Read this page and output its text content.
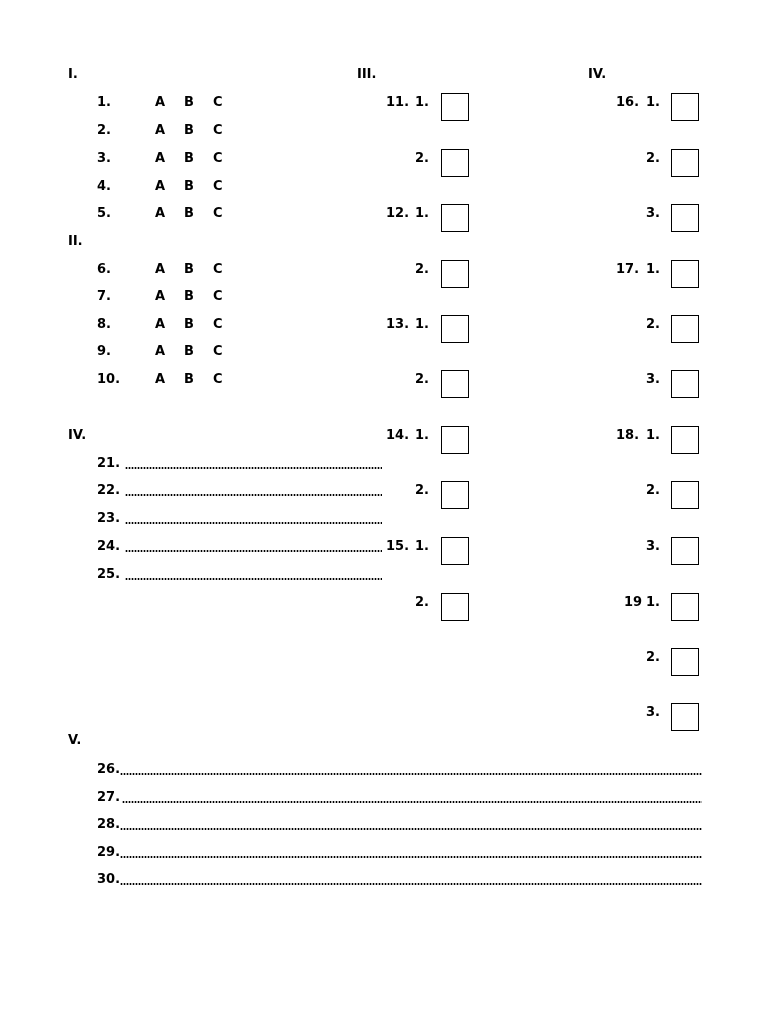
I.
II.
III.	IV.
IV.
V.
1.	A B C
2.	A B C
3.	A B C
4.	A B C
5.	A B C
6.	A B C
7.	A B C
8.	A B C
9.	A B C
10.	A B C
21.
22.
23.
24.
25.
11. 1.
2.
12. 1.
2.
13. 1.
2.
14. 1.
2.
15. 1.
2.
16. 1.
2.
3.
17. 1.
2.
3.
18. 1.
2.
3.
19 1.
2.
3.
26.
27.
28.
29.
30.
